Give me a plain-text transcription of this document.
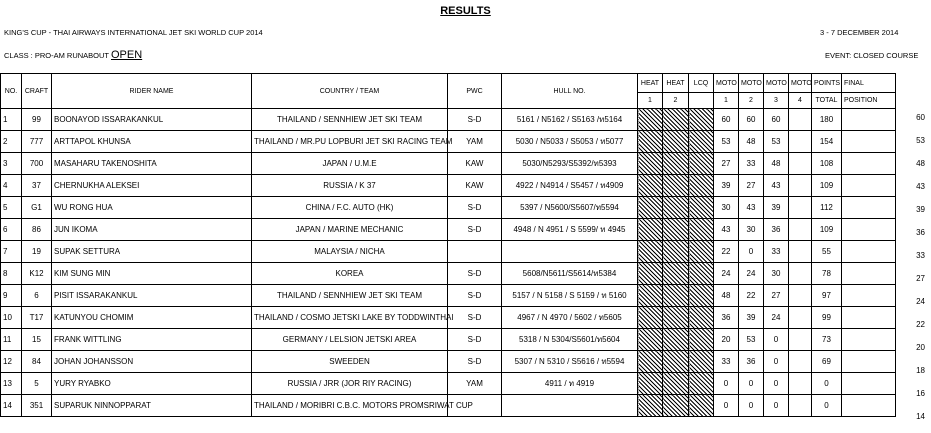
RESULTS
KING'S CUP - THAI AIRWAYS INTERNATIONAL JET SKI WORLD CUP 2014	3 - 7 DECEMBER 2014
CLASS : PRO-AM RUNABOUT OPEN	EVENT: CLOSED COURSE
NO.	CRAFT	RIDER NAME	COUNTRY / TEAM	PWC	HULL NO.	HEAT	HEAT	LCQ	MOTO	MOTO	MOTO	MOTO	POINTS	FINAL
						1	2		1	2	3	4	TOTAL	POSITION
1	99	BOONAYOD ISSARAKANKUL	THAILAND / SENNHIEW JET SKI TEAM	S-D	5161 / N5162 / S5163 /ท5164				60	60	60		180	
2	777	ARTTAPOL KHUNSA	THAILAND / MR.PU LOPBURI JET SKI RACING TEAM	YAM	5030 / N5033 / S5053 / ท5077				53	48	53		154	
3	700	MASAHARU TAKENOSHITA	JAPAN / U.M.E	KAW	5030/N5293/S5392/ท5393				27	33	48		108	
4	37	CHERNUKHA ALEKSEI	RUSSIA / K 37	KAW	4922 / N4914 / S5457 / ท4909				39	27	43		109	
5	G1	WU RONG HUA	CHINA / F.C. AUTO (HK)	S-D	5397 / N5600/S5607/ท5594				30	43	39		112	
6	86	JUN IKOMA	JAPAN / MARINE MECHANIC	S-D	4948 / N 4951 / S 5599/ ท 4945				43	30	36		109	
7	19	SUPAK SETTURA	MALAYSIA / NICHA						22	0	33		55	
8	K12	KIM SUNG MIN	KOREA	S-D	5608/N5611/S5614/ท5384				24	24	30		78	
9	6	PISIT ISSARAKANKUL	THAILAND / SENNHIEW JET SKI TEAM	S-D	5157 / N 5158 / S 5159 / ท 5160				48	22	27		97	
10	T17	KATUNYOU CHOMIM	THAILAND / COSMO JETSKI LAKE BY TODDWINTHAI	S-D	4967 / N 4970 / 5602 / ท5605				36	39	24		99	
11	15	FRANK WITTLING	GERMANY / LELSION JETSKI AREA	S-D	5318 / N 5304/S5601/ท5604				20	53	0		73	
12	84	JOHAN JOHANSSON	SWEEDEN	S-D	5307 / N 5310 / S5616 / ท5594				33	36	0		69	
13	5	YURY RYABKO	RUSSIA / JRR (JOR RIY RACING)	YAM	4911 / ท 4919				0	0	0		0	
14	351	SUPARUK NINNOPPARAT	THAILAND / MORIBRI C.B.C. MOTORS PROMSRIWAT CUP						0	0	0		0	
60
53
48
43
39
36
33
27
24
22
20
18
16
14
